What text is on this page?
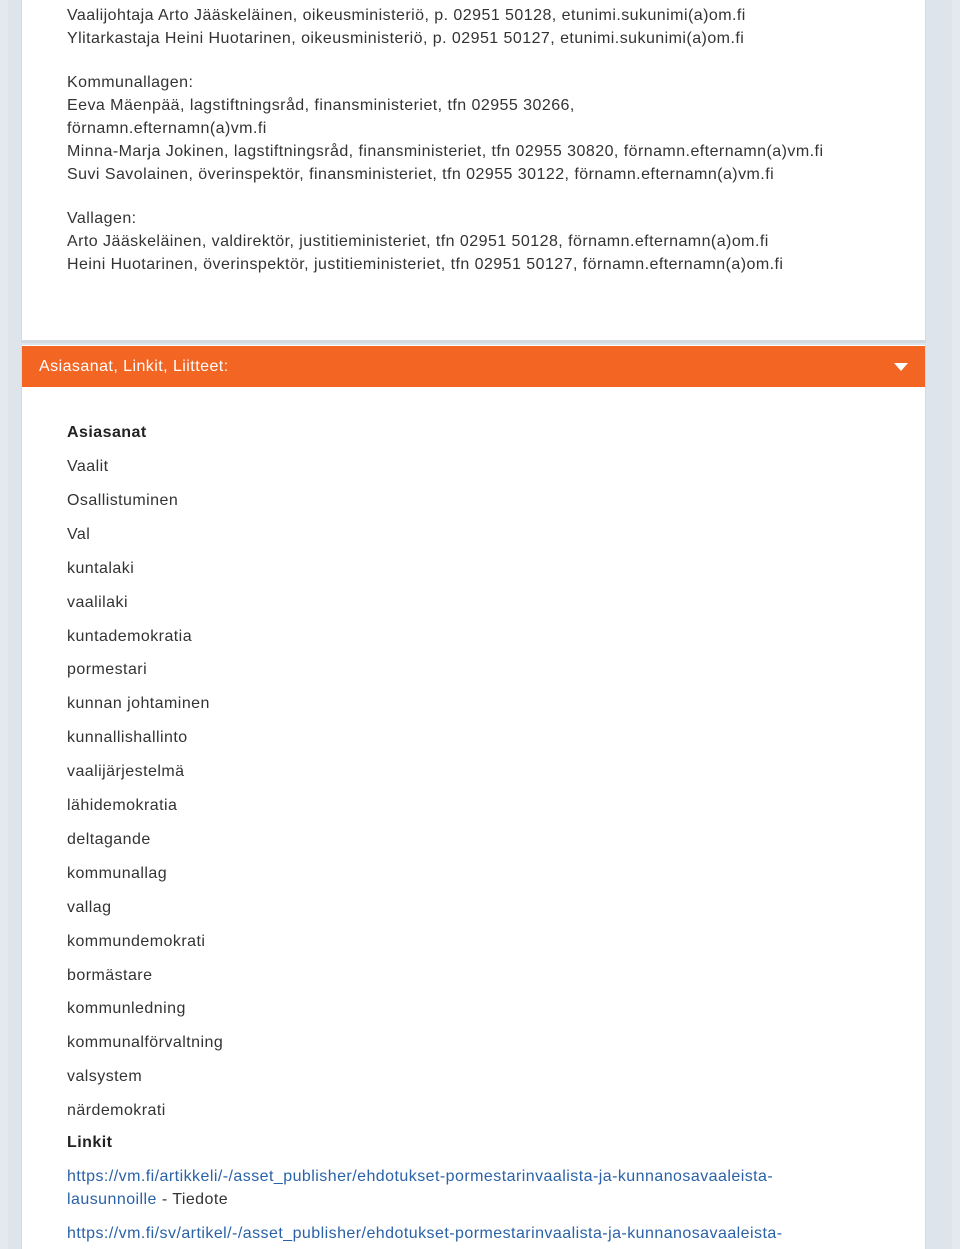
Vaalijohtaja Arto Jääskeläinen, oikeusministeriö, p. 02951 50128, etunimi.sukunimi(a)om.fi
Ylitarkastaja Heini Huotarinen, oikeusministeriö, p. 02951 50127, etunimi.sukunimi(a)om.fi
Kommunallagen:
Eeva Mäenpää, lagstiftningsråd, finansministeriet, tfn 02955 30266,
förnamn.efternamn(a)vm.fi
Minna-Marja Jokinen, lagstiftningsråd, finansministeriet, tfn 02955 30820, förnamn.efternamn(a)vm.fi
Suvi Savolainen, överinspektör, finansministeriet, tfn 02955 30122, förnamn.efternamn(a)vm.fi
Vallagen:
Arto Jääskeläinen, valdirektör, justitieministeriet, tfn 02951 50128, förnamn.efternamn(a)om.fi
Heini Huotarinen, överinspektör, justitieministeriet, tfn 02951 50127, förnamn.efternamn(a)om.fi
Asiasanat, Linkit, Liitteet:
Asiasanat
Vaalit
Osallistuminen
Val
kuntalaki
vaalilaki
kuntademokratia
pormestari
kunnan johtaminen
kunnallishallinto
vaalijärjestelmä
lähidemokratia
deltagande
kommunallag
vallag
kommundemokrati
bormästare
kommunledning
kommunalförvaltning
valsystem
närdemokrati
Linkit
https://vm.fi/artikkeli/-/asset_publisher/ehdotukset-pormestarinvaalista-ja-kunnanosavaaleista-
lausunnoille - Tiedote
https://vm.fi/sv/artikel/-/asset_publisher/ehdotukset-pormestarinvaalista-ja-kunnanosavaaleista-
